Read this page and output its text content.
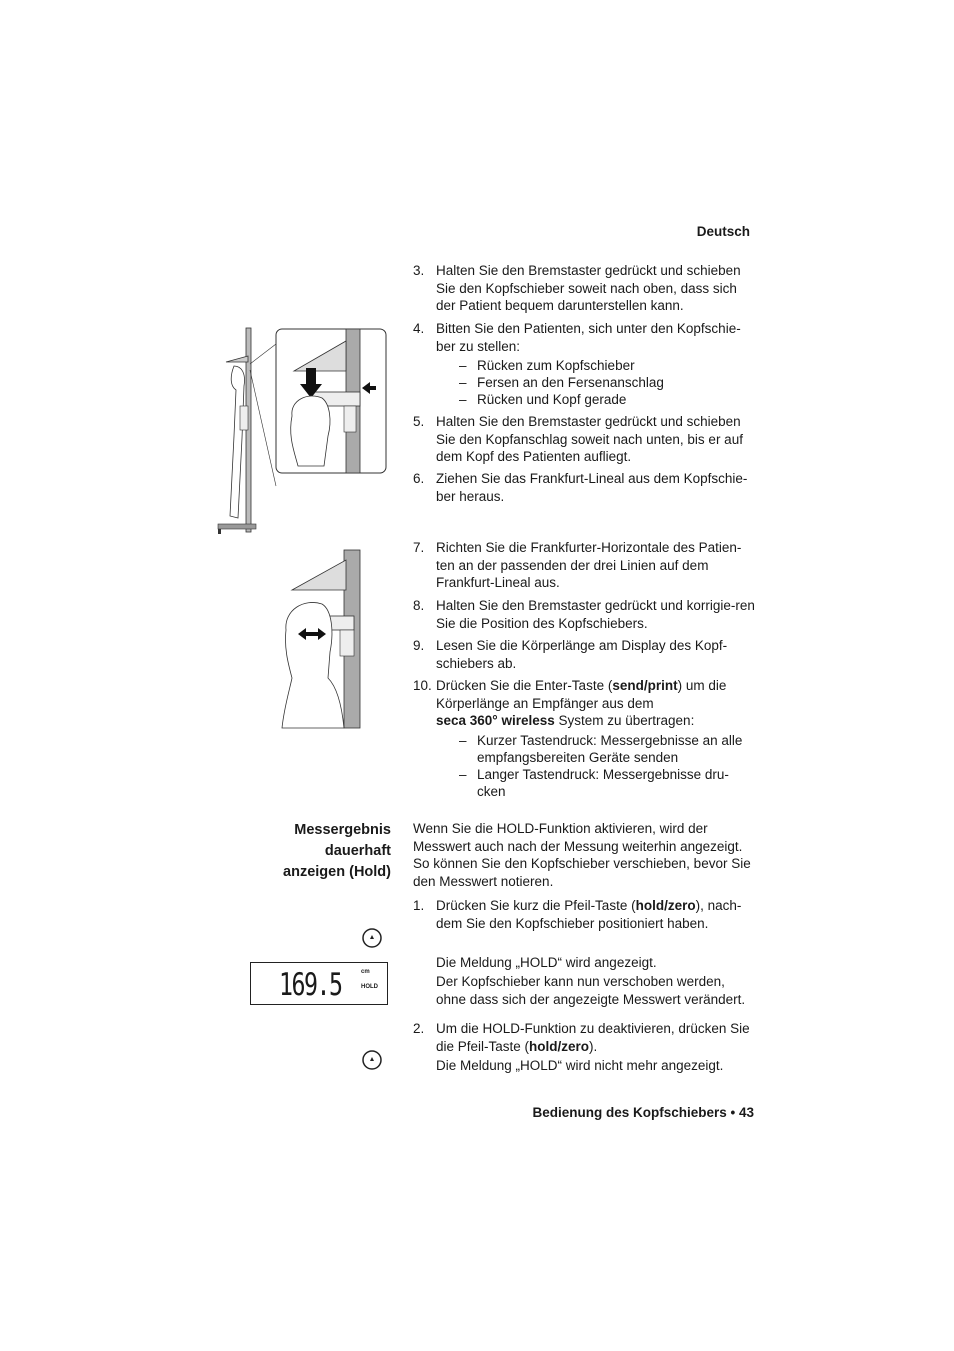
Deutsch
3. Halten Sie den Bremstaster gedrückt und schieben Sie den Kopfschieber soweit nach oben, dass sich der Patient bequem darunterstellen kann.
4. Bitten Sie den Patienten, sich unter den Kopfschie-ber zu stellen:
– Rücken zum Kopfschieber
– Fersen an den Fersenanschlag
– Rücken und Kopf gerade
5. Halten Sie den Bremstaster gedrückt und schieben Sie den Kopfanschlag soweit nach unten, bis er auf dem Kopf des Patienten aufliegt.
6. Ziehen Sie das Frankfurt-Lineal aus dem Kopfschie-ber heraus.
7. Richten Sie die Frankfurter-Horizontale des Patien-ten an der passenden der drei Linien auf dem Frankfurt-Lineal aus.
8. Halten Sie den Bremstaster gedrückt und korrigie-ren Sie die Position des Kopfschiebers.
9. Lesen Sie die Körperlänge am Display des Kopf-schiebers ab.
10. Drücken Sie die Enter-Taste (send/print) um die Körperlänge an Empfänger aus dem
seca 360° wireless System zu übertragen:
– Kurzer Tastendruck: Messergebnisse an alle empfangsbereiten Geräte senden
– Langer Tastendruck: Messergebnisse dru-cken
Messergebnis
dauerhaft
anzeigen (Hold)
Wenn Sie die HOLD-Funktion aktivieren, wird der Messwert auch nach der Messung weiterhin angezeigt. So können Sie den Kopfschieber verschieben, bevor Sie den Messwert notieren.
1. Drücken Sie kurz die Pfeil-Taste (hold/zero), nach-dem Sie den Kopfschieber positioniert haben.
Die Meldung „HOLD“ wird angezeigt.
Der Kopfschieber kann nun verschoben werden, ohne dass sich der angezeigte Messwert verändert.
2. Um die HOLD-Funktion zu deaktivieren, drücken Sie die Pfeil-Taste (hold/zero).
Die Meldung „HOLD“ wird nicht mehr angezeigt.
169.5	cm
HOLD
Bedienung des Kopfschiebers • 43
